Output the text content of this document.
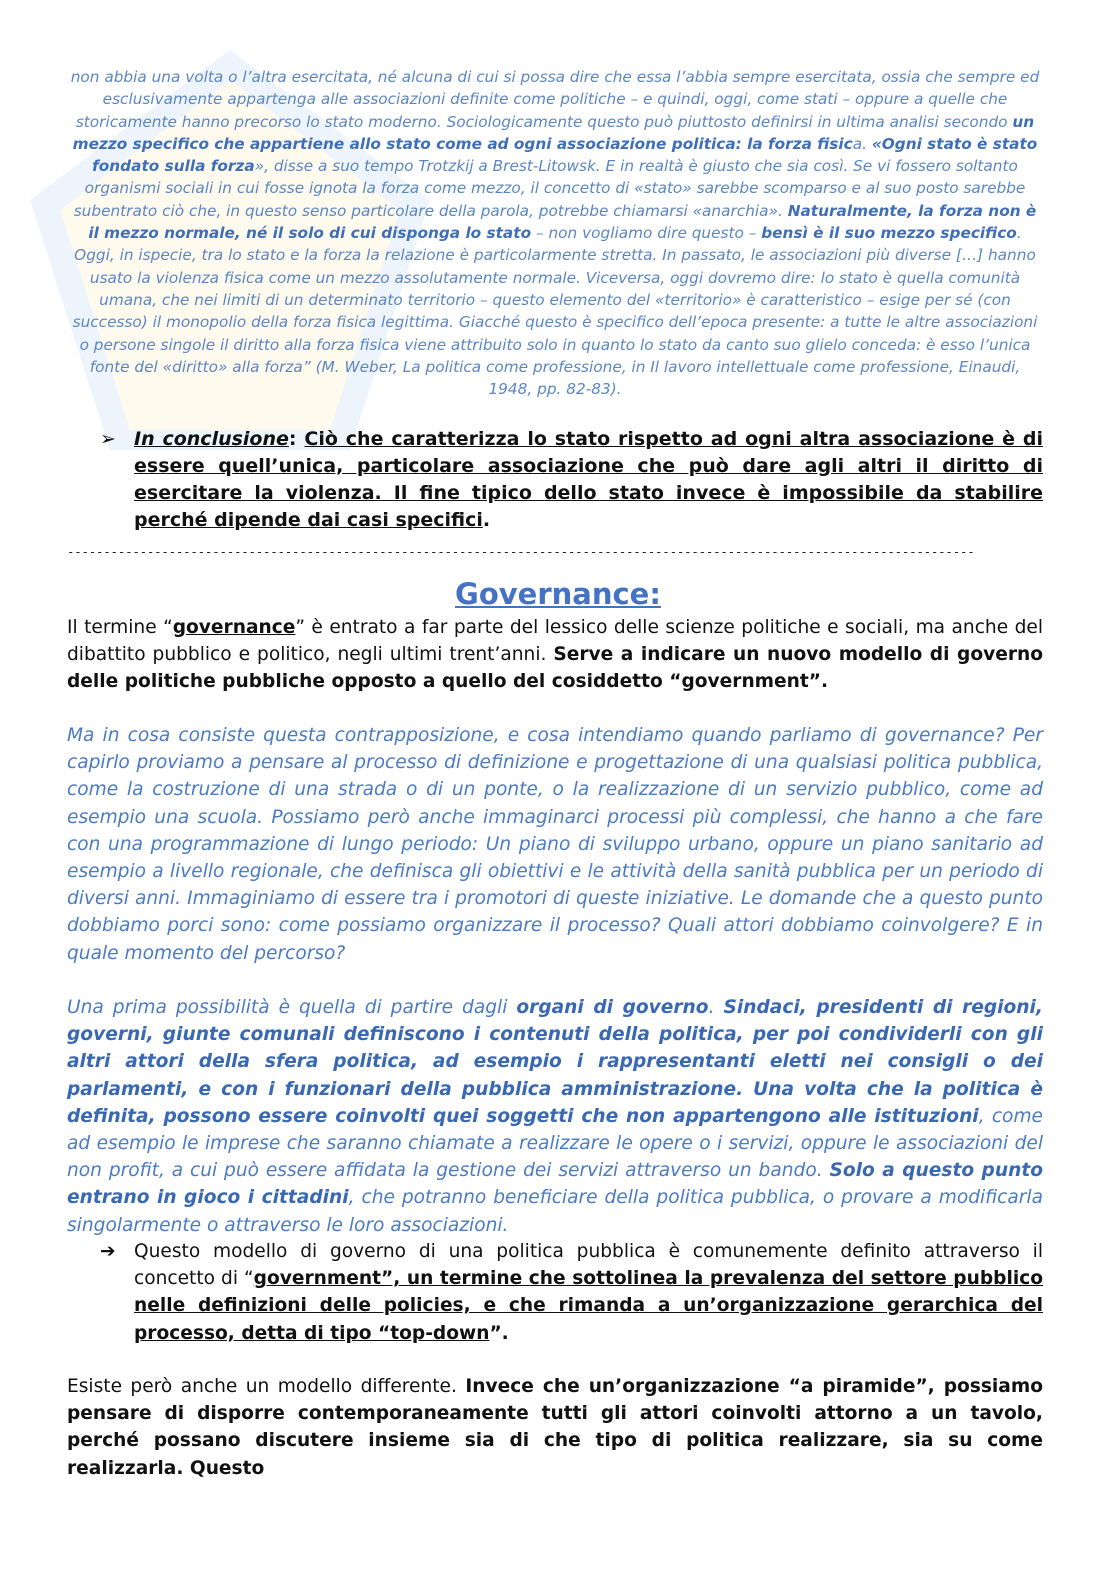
non abbia una volta o l’altra esercitata, né alcuna di cui si possa dire che essa l’abbia sempre esercitata, ossia che sempre ed esclusivamente appartenga alle associazioni definite come politiche – e quindi, oggi, come stati – oppure a quelle che storicamente hanno precorso lo stato moderno. Sociologicamente questo può piuttosto definirsi in ultima analisi secondo un mezzo specifico che appartiene allo stato come ad ogni associazione politica: la forza fisica. «Ogni stato è stato fondato sulla forza», disse a suo tempo Trotzkij a Brest-Litowsk. E in realtà è giusto che sia così. Se vi fossero soltanto organismi sociali in cui fosse ignota la forza come mezzo, il concetto di «stato» sarebbe scomparso e al suo posto sarebbe subentrato ciò che, in questo senso particolare della parola, potrebbe chiamarsi «anarchia». Naturalmente, la forza non è il mezzo normale, né il solo di cui disponga lo stato – non vogliamo dire questo – bensì è il suo mezzo specifico. Oggi, in ispecie, tra lo stato e la forza la relazione è particolarmente stretta. In passato, le associazioni più diverse […] hanno usato la violenza fisica come un mezzo assolutamente normale. Viceversa, oggi dovremo dire: lo stato è quella comunità umana, che nei limiti di un determinato territorio – questo elemento del «territorio» è caratteristico – esige per sé (con successo) il monopolio della forza fisica legittima. Giacché questo è specifico dell’epoca presente: a tutte le altre associazioni o persone singole il diritto alla forza fisica viene attribuito solo in quanto lo stato da canto suo glielo conceda: è esso l’unica fonte del «diritto» alla forza” (M. Weber, La politica come professione, in Il lavoro intellettuale come professione, Einaudi, 1948, pp. 82-83).
➢ In conclusione: Ciò che caratterizza lo stato rispetto ad ogni altra associazione è di essere quell’unica, particolare associazione che può dare agli altri il diritto di esercitare la violenza. Il fine tipico dello stato invece è impossibile da stabilire perché dipende dai casi specifici.
-----------------------------------------------------------------------------------------------------------------------------
Governance:
Il termine “governance” è entrato a far parte del lessico delle scienze politiche e sociali, ma anche del dibattito pubblico e politico, negli ultimi trent’anni. Serve a indicare un nuovo modello di governo delle politiche pubbliche opposto a quello del cosiddetto “government”.
Ma in cosa consiste questa contrapposizione, e cosa intendiamo quando parliamo di governance? Per capirlo proviamo a pensare al processo di definizione e progettazione di una qualsiasi politica pubblica, come la costruzione di una strada o di un ponte, o la realizzazione di un servizio pubblico, come ad esempio una scuola. Possiamo però anche immaginarci processi più complessi, che hanno a che fare con una programmazione di lungo periodo: Un piano di sviluppo urbano, oppure un piano sanitario ad esempio a livello regionale, che definisca gli obiettivi e le attività della sanità pubblica per un periodo di diversi anni. Immaginiamo di essere tra i promotori di queste iniziative. Le domande che a questo punto dobbiamo porci sono: come possiamo organizzare il processo? Quali attori dobbiamo coinvolgere? E in quale momento del percorso?
Una prima possibilità è quella di partire dagli organi di governo. Sindaci, presidenti di regioni, governi, giunte comunali definiscono i contenuti della politica, per poi condividerli con gli altri attori della sfera politica, ad esempio i rappresentanti eletti nei consigli o dei parlamenti, e con i funzionari della pubblica amministrazione. Una volta che la politica è definita, possono essere coinvolti quei soggetti che non appartengono alle istituzioni, come ad esempio le imprese che saranno chiamate a realizzare le opere o i servizi, oppure le associazioni del non profit, a cui può essere affidata la gestione dei servizi attraverso un bando. Solo a questo punto entrano in gioco i cittadini, che potranno beneficiare della politica pubblica, o provare a modificarla singolarmente o attraverso le loro associazioni.
➔ Questo modello di governo di una politica pubblica è comunemente definito attraverso il concetto di “government”, un termine che sottolinea la prevalenza del settore pubblico nelle definizioni delle policies, e che rimanda a un’organizzazione gerarchica del processo, detta di tipo “top-down”.
Esiste però anche un modello differente. Invece che un’organizzazione “a piramide”, possiamo pensare di disporre contemporaneamente tutti gli attori coinvolti attorno a un tavolo, perché possano discutere insieme sia di che tipo di politica realizzare, sia su come realizzarla. Questo
